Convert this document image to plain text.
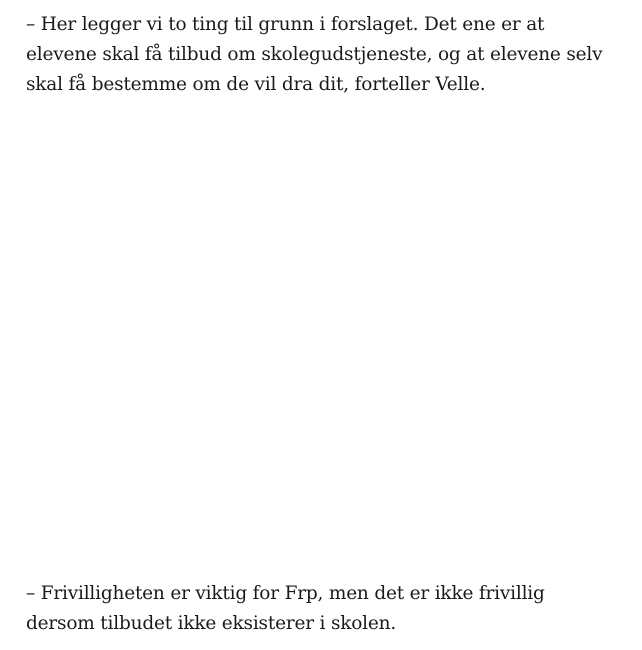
– Her legger vi to ting til grunn i forslaget. Det ene er at elevene skal få tilbud om skolegudstjeneste, og at elevene selv skal få bestemme om de vil dra dit, forteller Velle.

– Frivilligheten er viktig for Frp, men det er ikke frivillig dersom tilbudet ikke eksisterer i skolen.
